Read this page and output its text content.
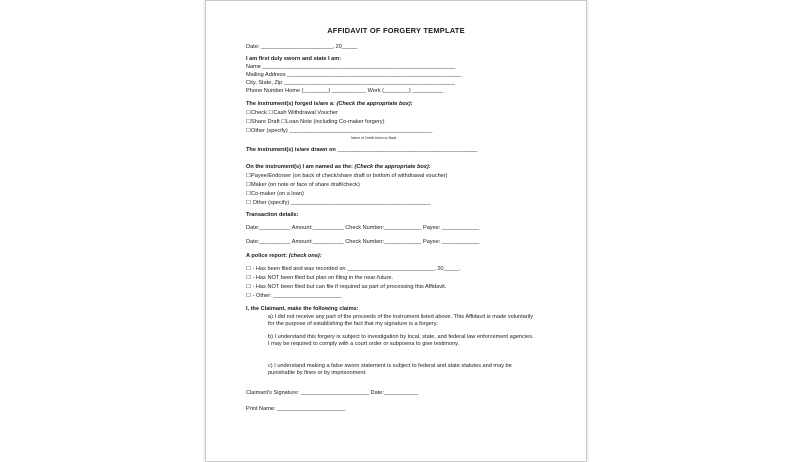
AFFIDAVIT OF FORGERY TEMPLATE
Date: _______________________, 20_____
I am first duly sworn and state I am:
Name ______________________________________________________________
Mailing Address ________________________________________________________
City, State, Zip _______________________________________________________
Phone Number Home (________) ___________ Work (________) __________
The instrument(s) forged is/are a: (Check the appropriate box):
☐Check ☐Cash Withdrawal Voucher
☐Share Draft ☐Loan Note (including Co-maker forgery)
☐Other (specify) ______________________________________________
Name of Credit Union or Bank
The instrument(s) is/are drawn on _____________________________________________
On the instrument(s) I am named as the: (Check the appropriate box):
☐Payee/Endorser (on back of check/share draft or bottom of withdrawal voucher)
☐Maker (on note or face of share draft/check)
☐Co-maker (on a loan)
☐ Other (specify) _____________________________________________
Transaction details:
Date:__________ Amount:__________ Check Number:____________ Payee: ____________
Date:__________ Amount:__________ Check Number:____________ Payee: ____________
A police report: (check one):
☐ - Has been filed and was recorded on ____________________________, 20_____.
☐ - Has NOT been filed but plan on filing in the near-future.
☐ - Has NOT been filed but can file if required as part of processing this Affidavit.
☐ - Other: ______________________
I, the Claimant, make the following claims:
a) I did not receive any part of the proceeds of the instrument listed above. This Affidavit is made voluntarily for the purpose of establishing the fact that my signature is a forgery.
b) I understand this forgery is subject to investigation by local, state, and federal law enforcement agencies. I may be required to comply with a court order or subpoena to give testimony.
c) I understand making a false sworn statement is subject to federal and state statutes and may be punishable by fines or by imprisonment.
Claimant's Signature: ______________________ Date:___________
Print Name: ______________________
